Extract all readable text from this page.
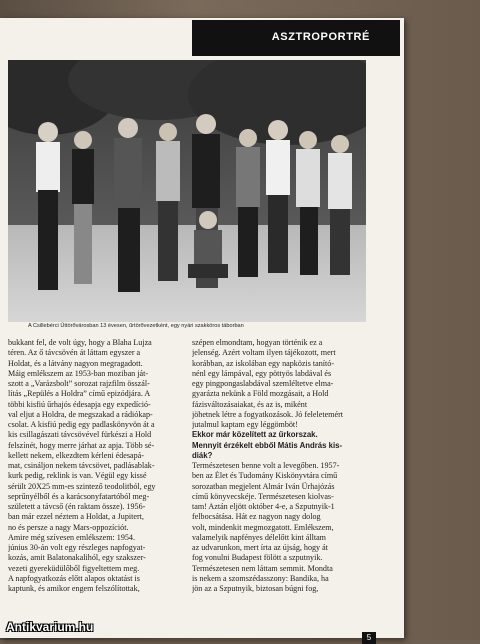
ASZTROPORTRÉ
A Csillebérci Úttörővárosban 13 évesen, űrtörővezetként, egy nyári szakköros táborban

bukkant fel, de volt úgy, hogy a Blaha Lujza
téren. Az ő távcsövén át láttam egyszer a
Holdat, és a látvány nagyon megragadott.
Máig emlékszem az 1953-ban moziban ját-
szott a „Varázsbolt” sorozat rajzfilm összál-
lítás „Repülés a Holdra” című epizódjára. A
többi kisfiú űrhajós édesapja egy expedíció-
val eljut a Holdra, de megszakad a rádiókap-
csolat. A kisfiú pedig egy padlaskönyvön át a
kis csillagászati távcsövével fürkészi a Hold
felszínét, hogy merre járhat az apja. Több sé-
kellett nekem, elkezdtem kérleni édesapá-
mat, csináljon nekem távcsövet, padlásablak-
kurk pedig, reklink is van. Végül egy kissé
sérült 20X25 mm-es szintező teodolitból, egy
seprűnyélből és a karácsonyfatartóból meg-
született a távcső (én raktam össze). 1956-
ban már ezzel néztem a Holdat, a Jupitert,
no és persze a nagy Mars-oppozíciót.
Amire még szívesen emlékszem: 1954.
június 30-án volt egy részleges napfogyat-
kozás, amit Balatonakalihól, egy szakszer-
vezeti gyereküdülőből figyeltettem meg.
A napfogyatkozás előtt alapos oktatást is
kaptunk, és amikor engem felszólítottak,

szépen elmondtam, hogyan történik ez a
jelenség. Azért voltam ilyen tájékozott, mert
korábban, az iskolában egy napközis tanító-
nénl egy lámpával, egy pöttyös labdával és
egy pingpongaslabdával szemléltetve elma-
gyarázta nekünk a Föld mozgásait, a Hold
fázisváltozásaiakat, és az is, miként
jöhetnek létre a fogyatkozások. Jó feleletemért
jutalmul kaptam egy léggömböt!

Ekkor már közelített az űrkorszak.
Mennyit érzékelt ebből Mátis András kis-
diák?

Természetesen benne volt a levegőben. 1957-
ben az Élet és Tudomány Kiskönyvtára című
sorozatban megjelent Almár Iván Űrhajózás
című könyvecskéje. Természetesen kiolvas-
tam! Aztán eljött október 4-e, a Szputnyik-1
felbocsátása. Hát ez nagyon nagy dolog
volt, mindenkit megmozgatott. Emlékszem,
valamelyik napfényes délelőtt kint álltam
az udvarunkon, mert írta az újság, hogy át
fog vonulni Budapest fölött a szputnyik.
Természetesen nem láttam semmit. Mondta
is nekem a szomszédasszony: Bandika, ha
jön az a Szputnyik, biztosan búgni fog,

5
Antikvarium.hu
